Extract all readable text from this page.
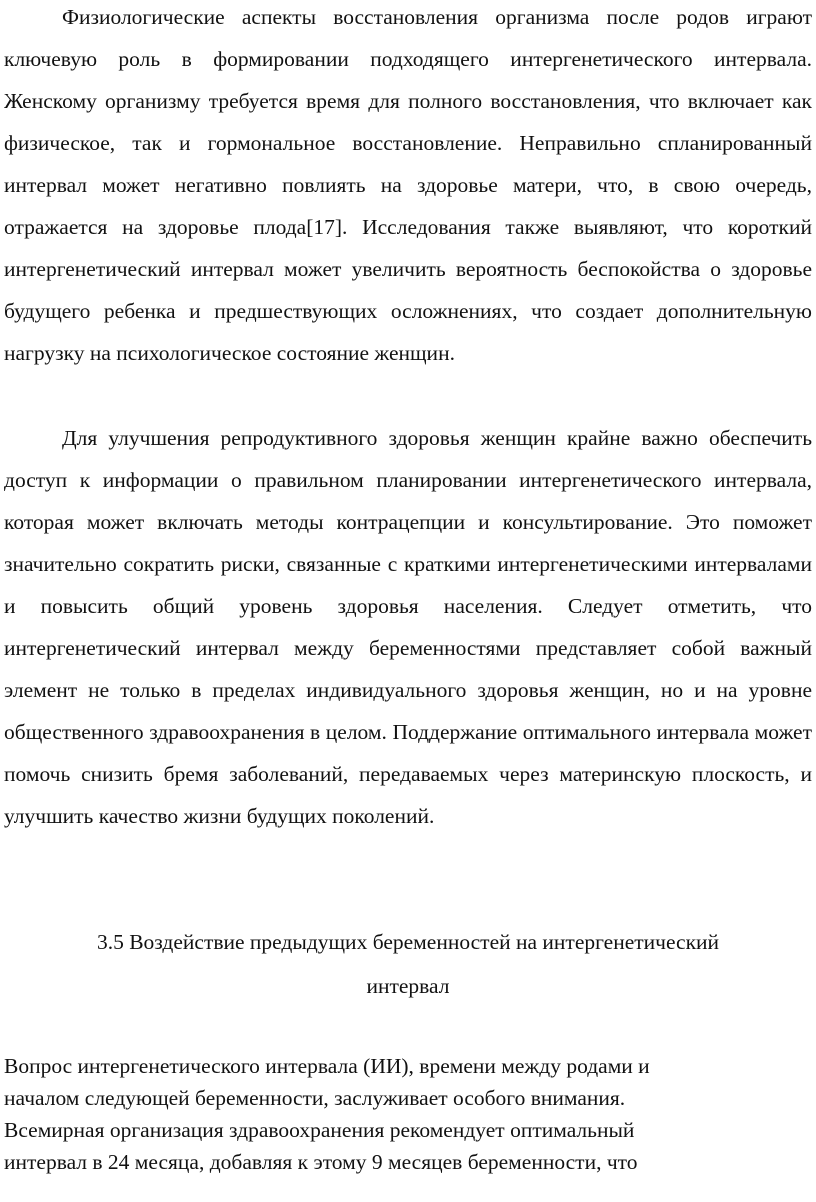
Физиологические аспекты восстановления организма после родов играют ключевую роль в формировании подходящего интергенетического интервала. Женскому организму требуется время для полного восстановления, что включает как физическое, так и гормональное восстановление. Неправильно спланированный интервал может негативно повлиять на здоровье матери, что, в свою очередь, отражается на здоровье плода[17]. Исследования также выявляют, что короткий интергенетический интервал может увеличить вероятность беспокойства о здоровье будущего ребенка и предшествующих осложнениях, что создает дополнительную нагрузку на психологическое состояние женщин.

Для улучшения репродуктивного здоровья женщин крайне важно обеспечить доступ к информации о правильном планировании интергенетического интервала, которая может включать методы контрацепции и консультирование. Это поможет значительно сократить риски, связанные с краткими интергенетическими интервалами и повысить общий уровень здоровья населения. Следует отметить, что интергенетический интервал между беременностями представляет собой важный элемент не только в пределах индивидуального здоровья женщин, но и на уровне общественного здравоохранения в целом. Поддержание оптимального интервала может помочь снизить бремя заболеваний, передаваемых через материнскую плоскость, и улучшить качество жизни будущих поколений.

3.5 Воздействие предыдущих беременностей на интергенетический
интервал
Вопрос интергенетического интервала (ИИ), времени между родами и
началом следующей беременности, заслуживает особого внимания.
Всемирная организация здравоохранения рекомендует оптимальный
интервал в 24 месяца, добавляя к этому 9 месяцев беременности, что
